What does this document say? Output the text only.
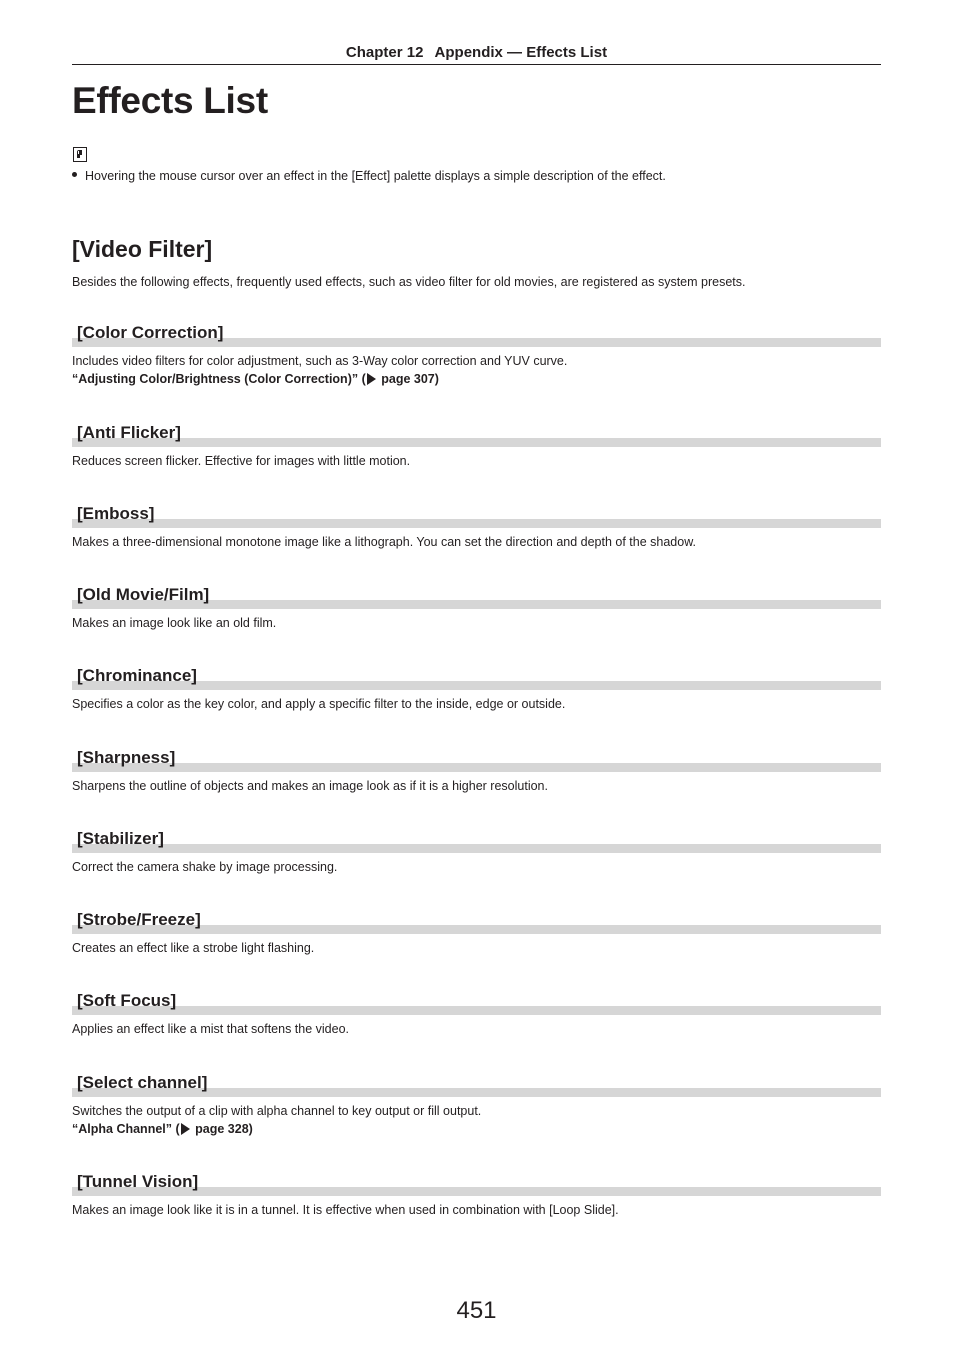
Chapter 12  Appendix — Effects List
Effects List
Hovering the mouse cursor over an effect in the [Effect] palette displays a simple description of the effect.
[Video Filter]
Besides the following effects, frequently used effects, such as video filter for old movies, are registered as system presets.
[Color Correction]
Includes video filters for color adjustment, such as 3-Way color correction and YUV curve.
“Adjusting Color/Brightness (Color Correction)” ( page 307)
[Anti Flicker]
Reduces screen flicker. Effective for images with little motion.
[Emboss]
Makes a three-dimensional monotone image like a lithograph. You can set the direction and depth of the shadow.
[Old Movie/Film]
Makes an image look like an old film.
[Chrominance]
Specifies a color as the key color, and apply a specific filter to the inside, edge or outside.
[Sharpness]
Sharpens the outline of objects and makes an image look as if it is a higher resolution.
[Stabilizer]
Correct the camera shake by image processing.
[Strobe/Freeze]
Creates an effect like a strobe light flashing.
[Soft Focus]
Applies an effect like a mist that softens the video.
[Select channel]
Switches the output of a clip with alpha channel to key output or fill output.
“Alpha Channel” ( page 328)
[Tunnel Vision]
Makes an image look like it is in a tunnel. It is effective when used in combination with [Loop Slide].
451
